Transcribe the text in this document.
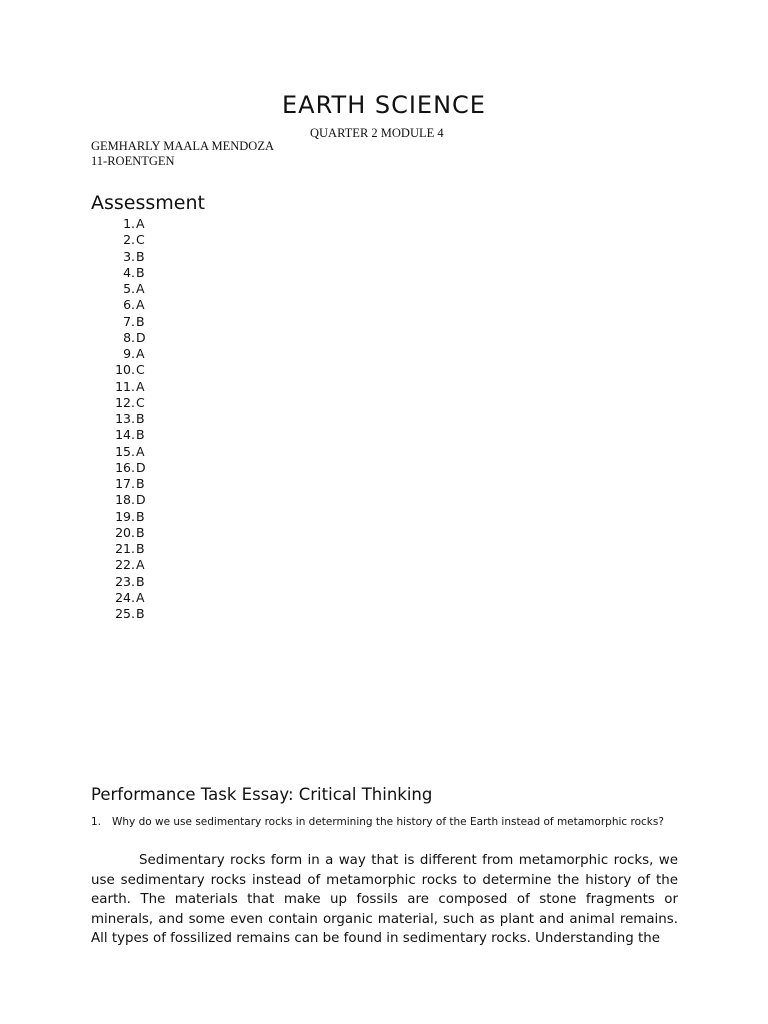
EARTH SCIENCE
QUARTER 2 MODULE 4
GEMHARLY MAALA MENDOZA
11-ROENTGEN
Assessment
1.A
2.C
3.B
4.B
5.A
6.A
7.B
8.D
9.A
10.C
11.A
12.C
13.B
14.B
15.A
16.D
17.B
18.D
19.B
20.B
21.B
22.A
23.B
24.A
25.B
Performance Task Essay: Critical Thinking
1. Why do we use sedimentary rocks in determining the history of the Earth instead of metamorphic rocks?

Sedimentary rocks form in a way that is different from metamorphic rocks, we use sedimentary rocks instead of metamorphic rocks to determine the history of the earth. The materials that make up fossils are composed of stone fragments or minerals, and some even contain organic material, such as plant and animal remains. All types of fossilized remains can be found in sedimentary rocks. Understanding the
